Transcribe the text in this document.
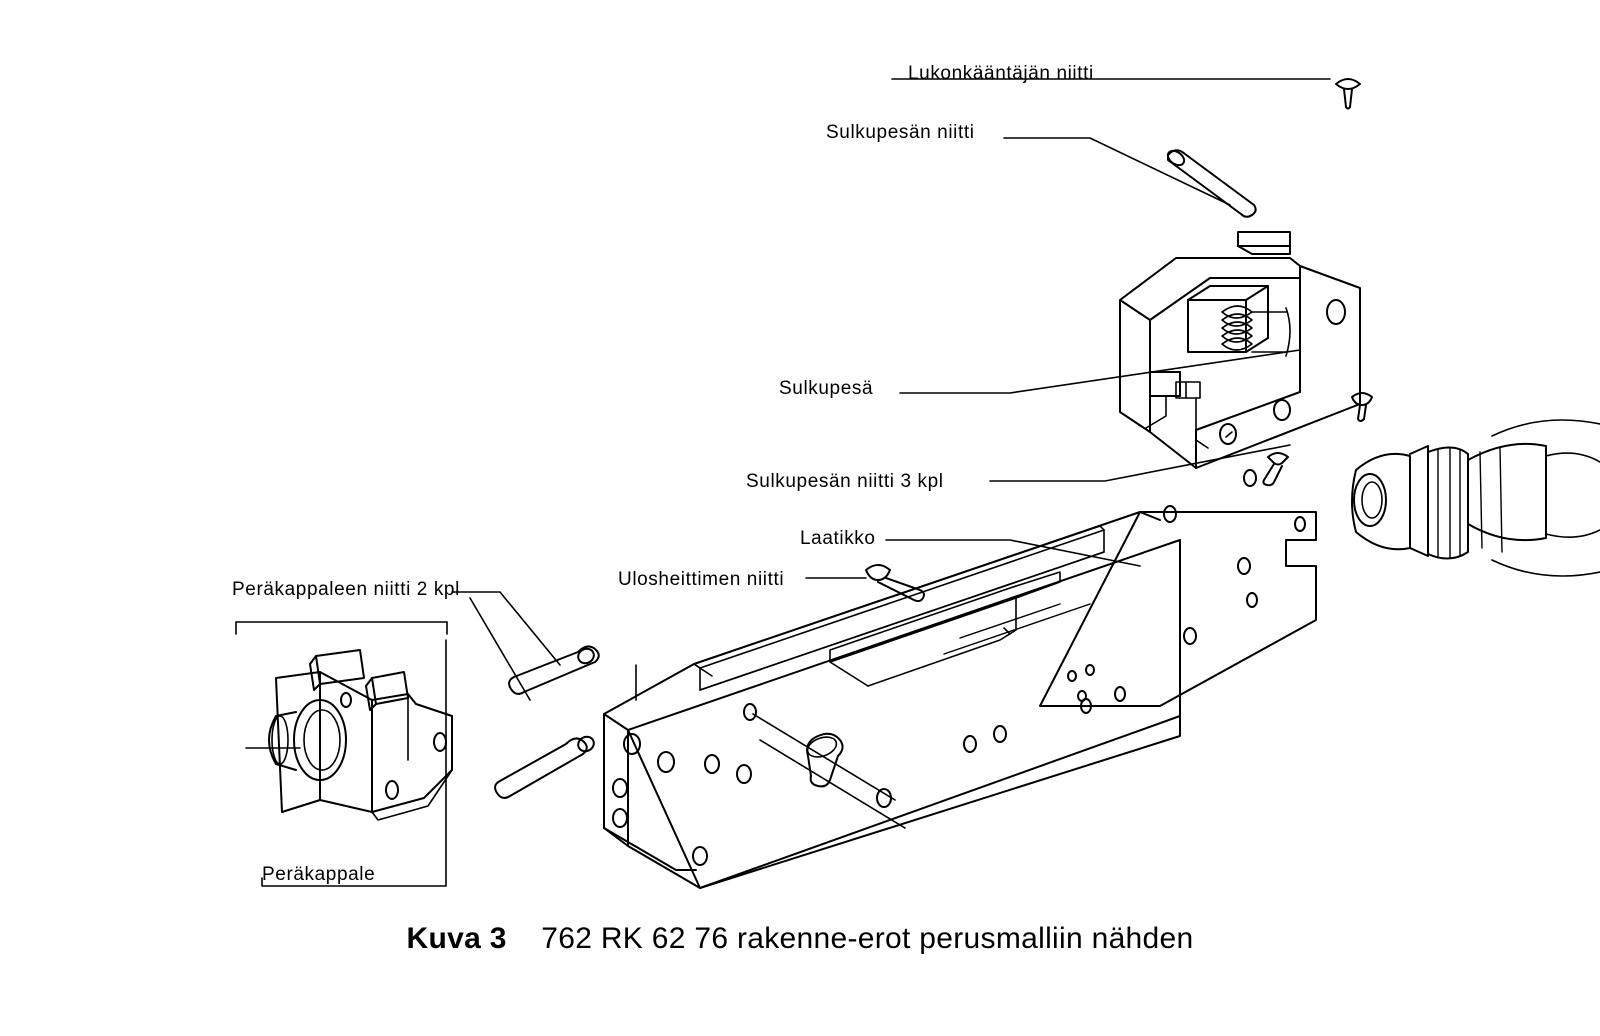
Lukonkääntäjän niitti
Sulkupesän niitti
Sulkupesä
Sulkupesän niitti 3 kpl
Laatikko
Ulosheittimen niitti
Peräkappaleen niitti 2 kpl
Peräkappale
Kuva 3 762 RK 62 76 rakenne-erot perusmalliin nähden
